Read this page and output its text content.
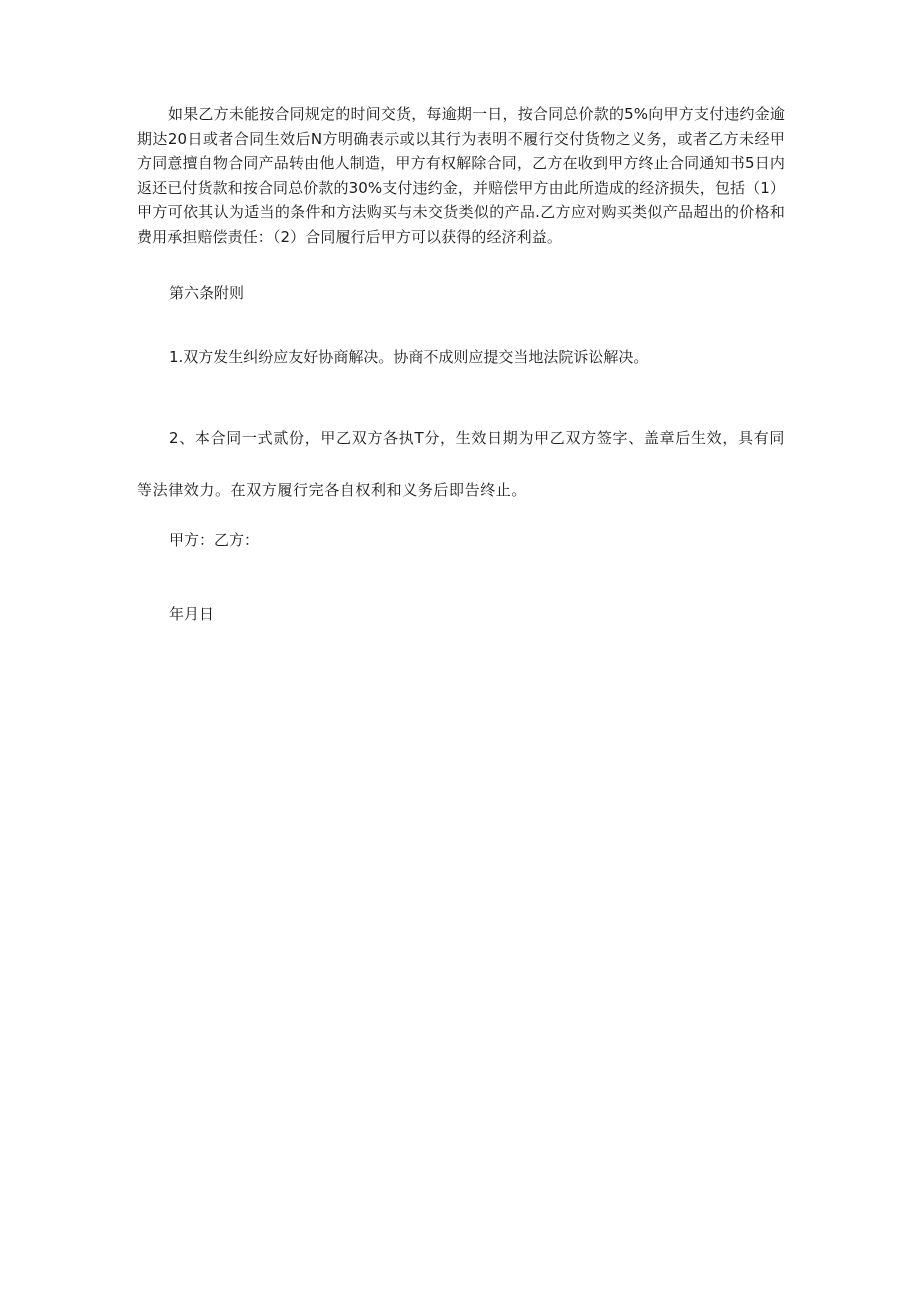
如果乙方未能按合同规定的时间交货，每逾期一日，按合同总价款的5%向甲方支付违约金逾期达20日或者合同生效后N方明确表示或以其行为表明不履行交付货物之义务，或者乙方未经甲方同意擅自物合同产品转由他人制造，甲方有权解除合同，乙方在收到甲方终止合同通知书5日内返还已付货款和按合同总价款的30%支付违约金，并赔偿甲方由此所造成的经济损失，包括（1）甲方可依其认为适当的条件和方法购买与未交货类似的产品.乙方应对购买类似产品超出的价格和费用承担赔偿责任：（2）合同履行后甲方可以获得的经济利益。

第六条附则

1.双方发生纠纷应友好协商解决。协商不成则应提交当地法院诉讼解决。

2、本合同一式贰份，甲乙双方各执T分，生效日期为甲乙双方签字、盖章后生效，具有同等法律效力。在双方履行完各自权利和义务后即告终止。

甲方：乙方：

年月日
